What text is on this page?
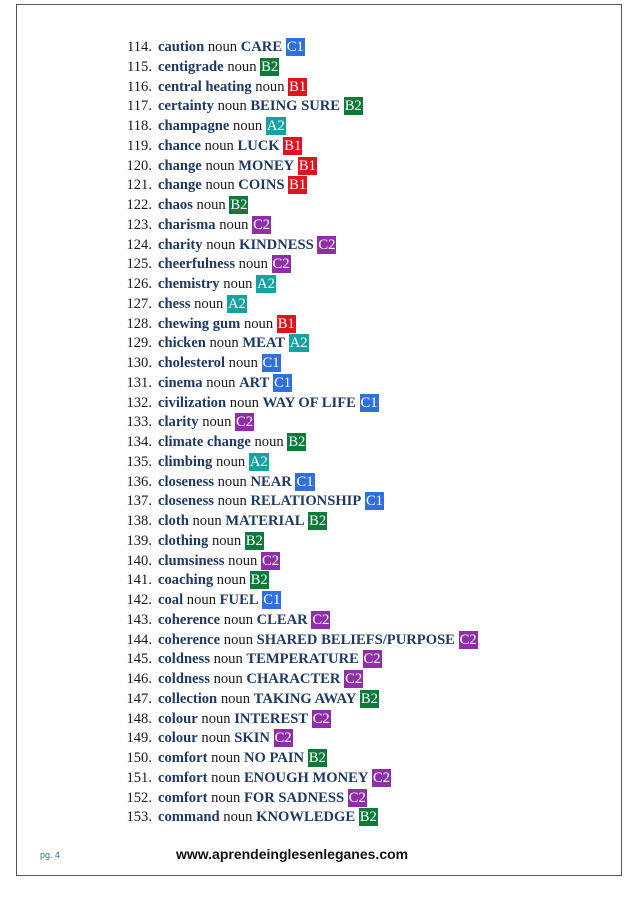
114. caution noun CARE C1
115. centigrade noun B2
116. central heating noun B1
117. certainty noun BEING SURE B2
118. champagne noun A2
119. chance noun LUCK B1
120. change noun MONEY B1
121. change noun COINS B1
122. chaos noun B2
123. charisma noun C2
124. charity noun KINDNESS C2
125. cheerfulness noun C2
126. chemistry noun A2
127. chess noun A2
128. chewing gum noun B1
129. chicken noun MEAT A2
130. cholesterol noun C1
131. cinema noun ART C1
132. civilization noun WAY OF LIFE C1
133. clarity noun C2
134. climate change noun B2
135. climbing noun A2
136. closeness noun NEAR C1
137. closeness noun RELATIONSHIP C1
138. cloth noun MATERIAL B2
139. clothing noun B2
140. clumsiness noun C2
141. coaching noun B2
142. coal noun FUEL C1
143. coherence noun CLEAR C2
144. coherence noun SHARED BELIEFS/PURPOSE C2
145. coldness noun TEMPERATURE C2
146. coldness noun CHARACTER C2
147. collection noun TAKING AWAY B2
148. colour noun INTEREST C2
149. colour noun SKIN C2
150. comfort noun NO PAIN B2
151. comfort noun ENOUGH MONEY C2
152. comfort noun FOR SADNESS C2
153. command noun KNOWLEDGE B2
pg. 4	www.aprendeinglesenleganes.com
